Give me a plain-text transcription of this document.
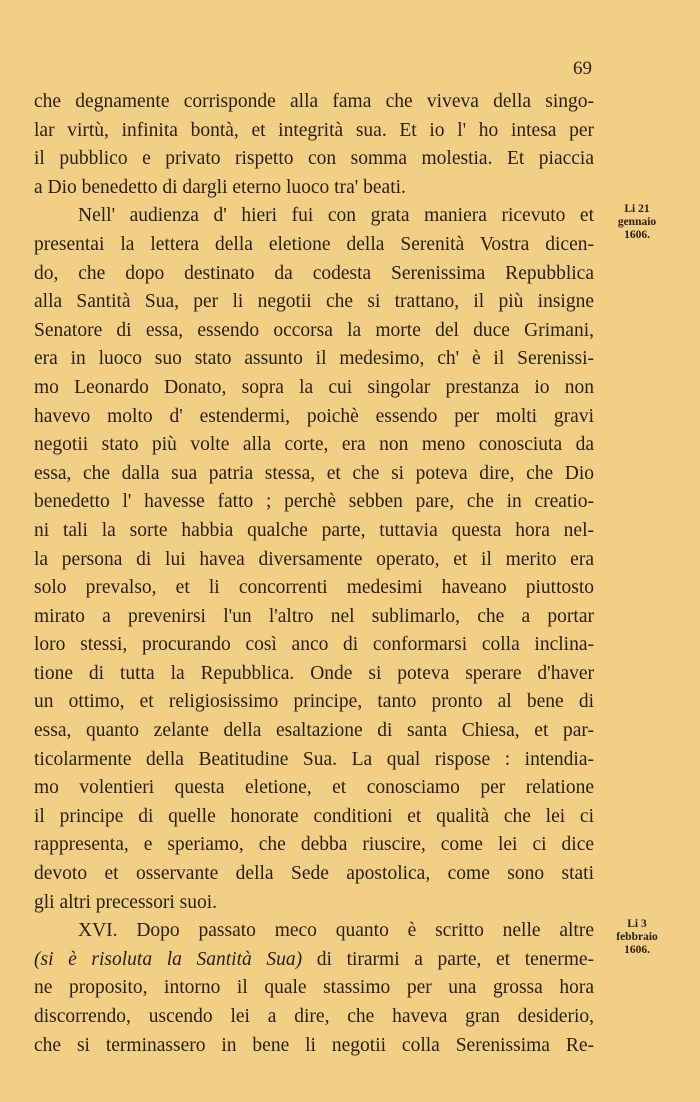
69
che degnamente corrisponde alla fama che viveva della singo-
lar virtù, infinita bontà, et integrità sua. Et io l' ho intesa per
il pubblico e privato rispetto con somma molestia. Et piaccia
a Dio benedetto di dargli eterno luoco tra' beati.
Nell' audienza d' hieri fui con grata maniera ricevuto et
presentai la lettera della eletione della Serenità Vostra dicen-
do, che dopo destinato da codesta Serenissima Repubblica
alla Santità Sua, per li negotii che si trattano, il più insigne
Senatore di essa, essendo occorsa la morte del duce Grimani,
era in luoco suo stato assunto il medesimo, ch' è il Serenissi-
mo Leonardo Donato, sopra la cui singolar prestanza io non
havevo molto d' estendermi, poichè essendo per molti gravi
negotii stato più volte alla corte, era non meno conosciuta da
essa, che dalla sua patria stessa, et che si poteva dire, che Dio
benedetto l' havesse fatto ; perchè sebben pare, che in creatio-
ni tali la sorte habbia qualche parte, tuttavia questa hora nel-
la persona di lui havea diversamente operato, et il merito era
solo prevalso, et li concorrenti medesimi haveano piuttosto
mirato a prevenirsi l'un l'altro nel sublimarlo, che a portar
loro stessi, procurando così anco di conformarsi colla inclina-
tione di tutta la Repubblica. Onde si poteva sperare d'haver
un ottimo, et religiosissimo principe, tanto pronto al bene di
essa, quanto zelante della esaltazione di santa Chiesa, et par-
ticolarmente della Beatitudine Sua. La qual rispose : intendia-
mo volentieri questa eletione, et conosciamo per relatione
il principe di quelle honorate conditioni et qualità che lei ci
rappresenta, e speriamo, che debba riuscire, come lei ci dice
devoto et osservante della Sede apostolica, come sono stati
gli altri precessori suoi.
XVI. Dopo passato meco quanto è scritto nelle altre
(si è risoluta la Santità Sua) di tirarmi a parte, et tenerme-
ne proposito, intorno il quale stassimo per una grossa hora
discorrendo, uscendo lei a dire, che haveva gran desiderio,
che si terminassero in bene li negotii colla Serenissima Re-
Li 21
gennaio
1606.
Li 3
febbraio
1606.
